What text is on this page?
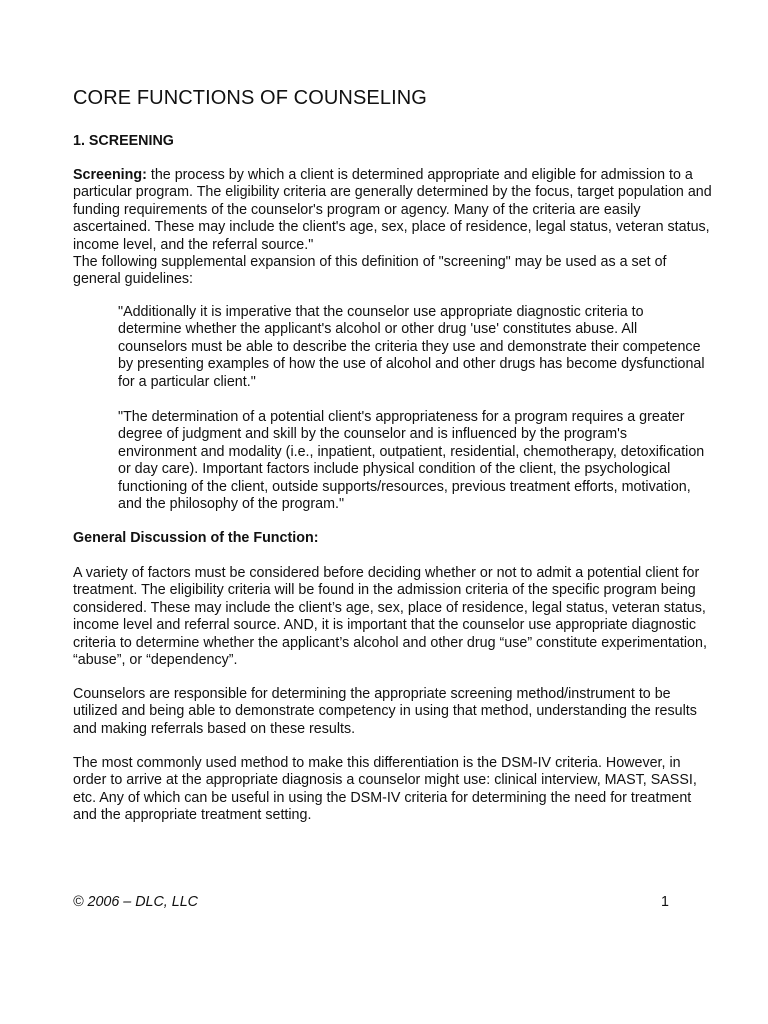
CORE FUNCTIONS OF COUNSELING

1. SCREENING

Screening: the process by which a client is determined appropriate and eligible for admission to a particular program. The eligibility criteria are generally determined by the focus, target population and funding requirements of the counselor's program or agency. Many of the criteria are easily ascertained. These may include the client's age, sex, place of residence, legal status, veteran status, income level, and the referral source."
The following supplemental expansion of this definition of "screening" may be used as a set of general guidelines:

"Additionally it is imperative that the counselor use appropriate diagnostic criteria to determine whether the applicant's alcohol or other drug 'use' constitutes abuse. All counselors must be able to describe the criteria they use and demonstrate their competence by presenting examples of how the use of alcohol and other drugs has become dysfunctional for a particular client."

"The determination of a potential client's appropriateness for a program requires a greater degree of judgment and skill by the counselor and is influenced by the program's environment and modality (i.e., inpatient, outpatient, residential, chemotherapy, detoxification or day care). Important factors include physical condition of the client, the psychological functioning of the client, outside supports/resources, previous treatment efforts, motivation, and the philosophy of the program."

General Discussion of the Function:

A variety of factors must be considered before deciding whether or not to admit a potential client for treatment. The eligibility criteria will be found in the admission criteria of the specific program being considered. These may include the client’s age, sex, place of residence, legal status, veteran status, income level and referral source. AND, it is important that the counselor use appropriate diagnostic criteria to determine whether the applicant’s alcohol and other drug “use” constitute experimentation, “abuse”, or “dependency”.

Counselors are responsible for determining the appropriate screening method/instrument to be utilized and being able to demonstrate competency in using that method, understanding the results and making referrals based on these results.

The most commonly used method to make this differentiation is the DSM-IV criteria. However, in order to arrive at the appropriate diagnosis a counselor might use: clinical interview, MAST, SASSI, etc. Any of which can be useful in using the DSM-IV criteria for determining the need for treatment and the appropriate treatment setting.

© 2006 – DLC, LLC	1
